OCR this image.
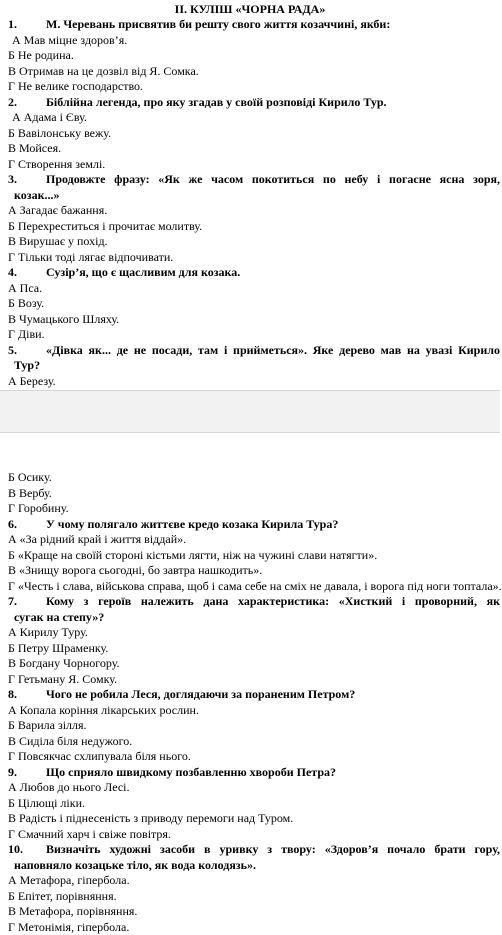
ІІ. КУЛІШ «ЧОРНА РАДА»
1.	М. Черевань присвятив би решту свого життя козаччині, якби:
А Мав міцне здоров’я.
Б Не родина.
В Отримав на це дозвіл від Я. Сомка.
Г Не велике господарство.
2.	Біблійна легенда, про яку згадав у своїй розповіді Кирило Тур.
А Адама і Єву.
Б Вавілонську вежу.
В Мойсея.
Г Створення землі.
3.	Продовжте фразу: «Як же часом покотиться по небу і погасне ясна зоря,
козак...»
А Загадає бажання.
Б Перехреститься і прочитає молитву.
В Вирушає у похід.
Г Тільки тоді лягає відпочивати.
4.	Сузір’я, що є щасливим для козака.
А Пса.
Б Возу.
В Чумацького Шляху.
Г Діви.
5.	«Дівка як... де не посади, там і прийметься». Яке дерево мав на увазі Кирило
Тур?
А Березу.
Б Осику.
В Вербу.
Г Горобину.
6.	У чому полягало життєве кредо козака Кирила Тура?
А «За рідний край і життя віддай».
Б «Краще на своїй стороні кістьми лягти, ніж на чужині слави натягти».
В «Знищу ворога сьогодні, бо завтра нашкодить».
Г «Честь і слава, військова справа, щоб і сама себе на сміх не давала, і ворога під ноги топтала».
7.	Кому з героїв належить дана характеристика: «Хисткий і проворний, як
сугак на степу»?
А Кирилу Туру.
Б Петру Шраменку.
В Богдану Чорногору.
Г Гетьману Я. Сомку.
8.	Чого не робила Леся, доглядаючи за пораненим Петром?
А Копала коріння лікарських рослин.
Б Варила зілля.
В Сиділа біля недужого.
Г Повсякчас схлипувала біля нього.
9.	Що сприяло швидкому позбавленню хвороби Петра?
А Любов до нього Лесі.
Б Цілющі ліки.
В Радість і піднесеність з приводу перемоги над Туром.
Г Смачний харч і свіже повітря.
10.	Визначіть художні засоби в уривку з твору: «Здоров’я почало брати гору,
наповняло козацьке тіло, як вода колодязь».
А Метафора, гіпербола.
Б Епітет, порівняння.
В Метафора, порівняння.
Г Метонімія, гіпербола.
